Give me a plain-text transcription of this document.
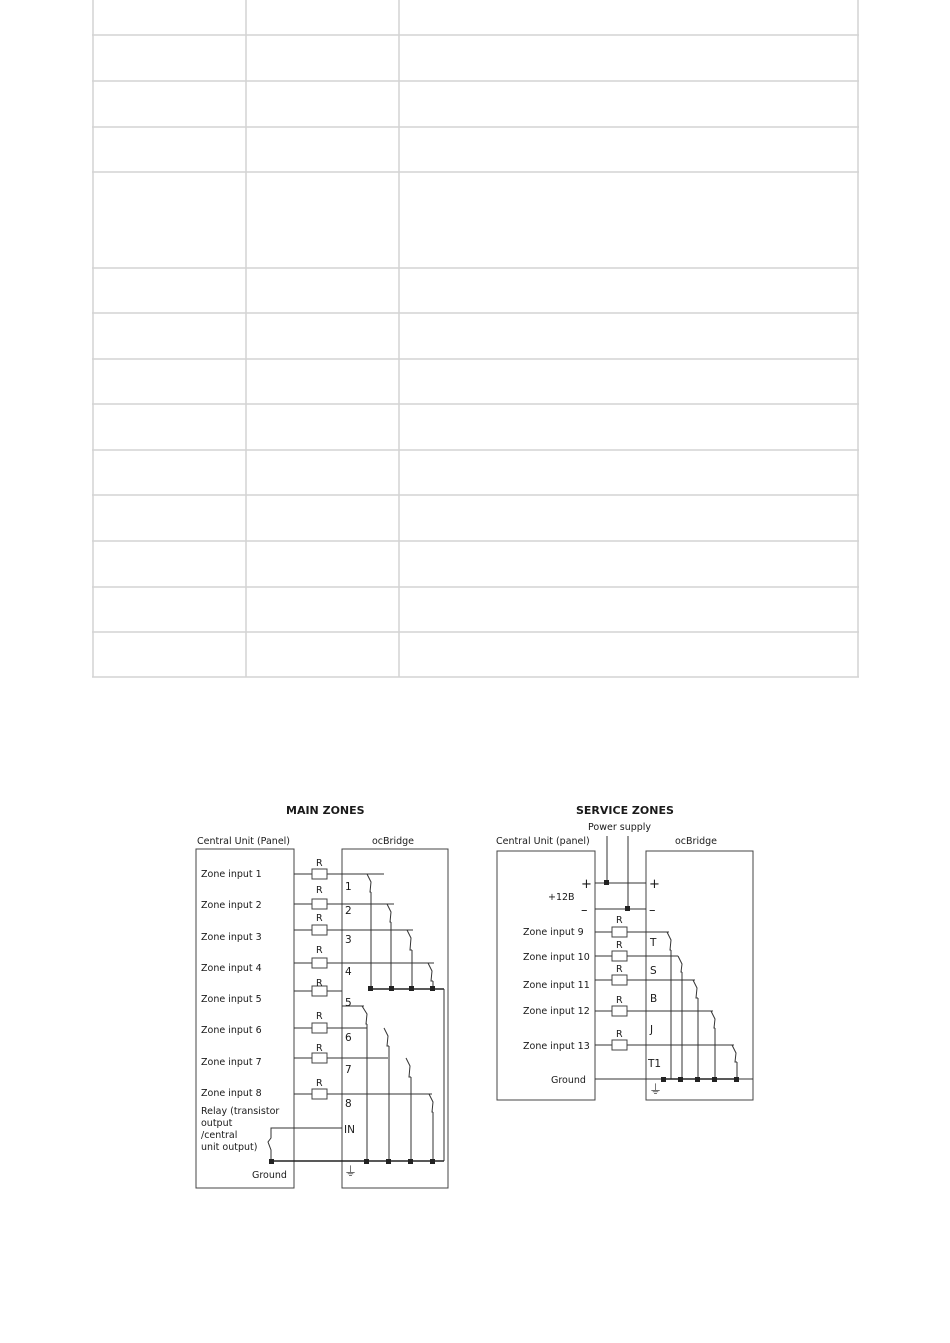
MAIN ZONES
Central Unit (Panel)	ocBridge
R
R
R
R
R
R
R
R
Zone input 1
Zone input 2
Zone input 3
Zone input 4
Zone input 5
Zone input 6
Zone input 7
Zone input 8
Relay (transistor
output
/central
unit output)
Ground
1
2
3
4
5
6
7
8
IN
⏚
SERVICE ZONES
Power supply
Central Unit (panel)	ocBridge
+
–
+
–
+12В
R
R
R
R
R
Zone input 9
Zone input 10
Zone input 11
Zone input 12
Zone input 13
Ground
T
S
B
J
T1
⏚
